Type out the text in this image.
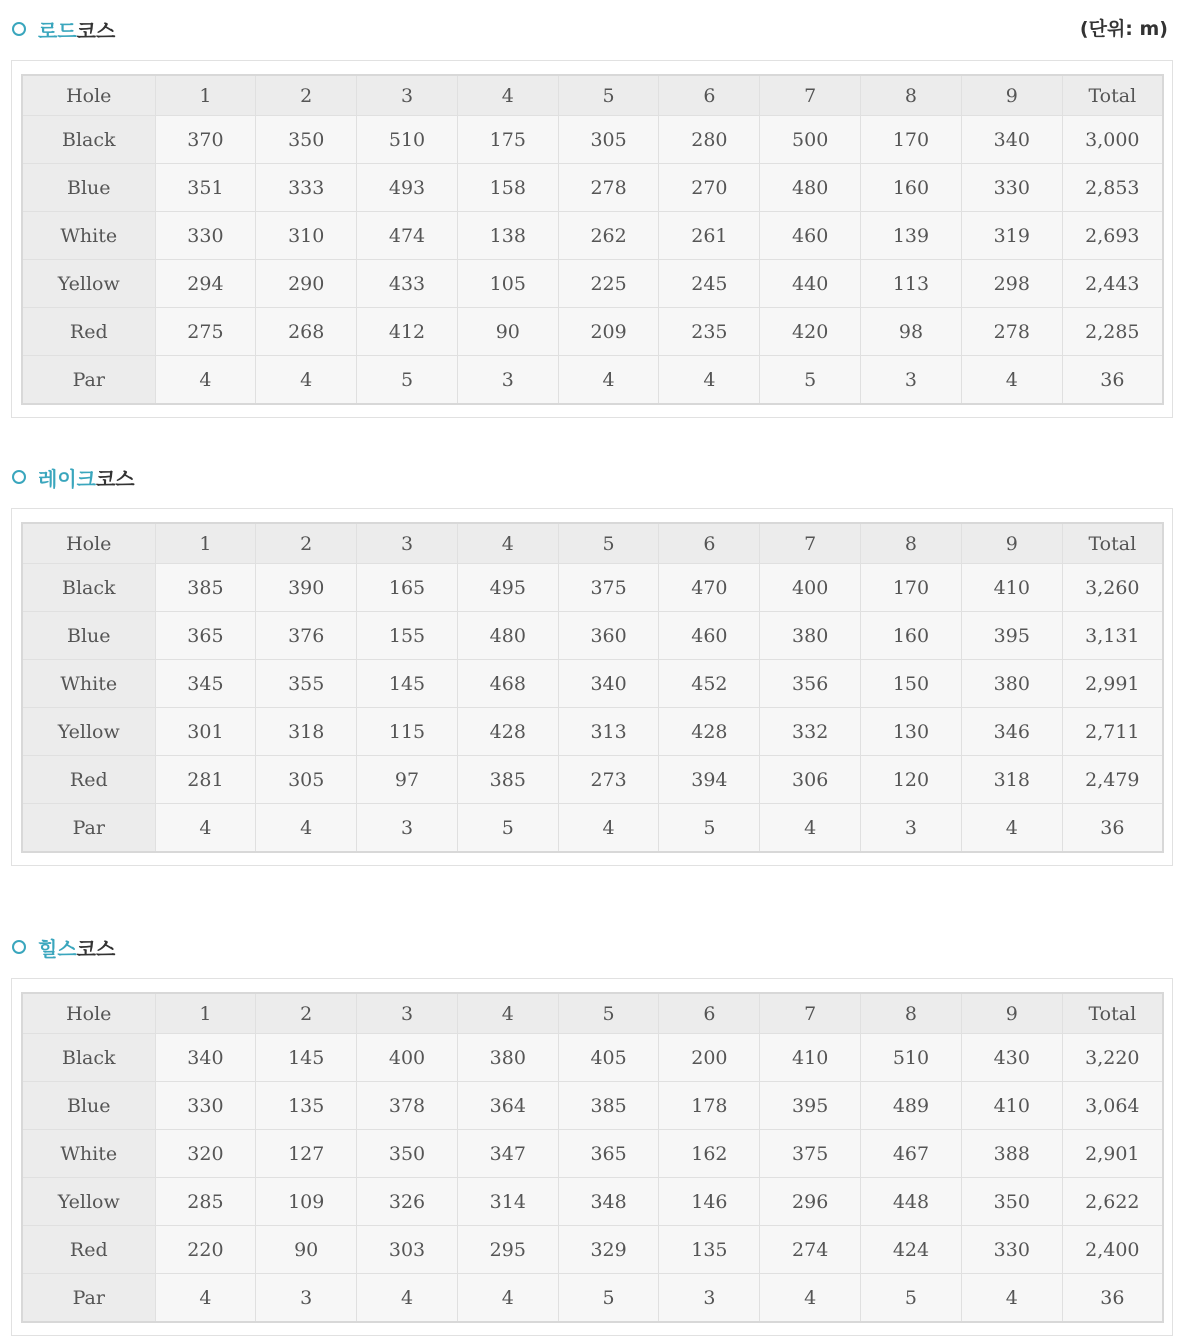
로드코스	(단위: m)
Hole	1	2	3	4	5	6	7	8	9	Total
Black	370	350	510	175	305	280	500	170	340	3,000
Blue	351	333	493	158	278	270	480	160	330	2,853
White	330	310	474	138	262	261	460	139	319	2,693
Yellow	294	290	433	105	225	245	440	113	298	2,443
Red	275	268	412	90	209	235	420	98	278	2,285
Par	4	4	5	3	4	4	5	3	4	36
레이크코스
Hole	1	2	3	4	5	6	7	8	9	Total
Black	385	390	165	495	375	470	400	170	410	3,260
Blue	365	376	155	480	360	460	380	160	395	3,131
White	345	355	145	468	340	452	356	150	380	2,991
Yellow	301	318	115	428	313	428	332	130	346	2,711
Red	281	305	97	385	273	394	306	120	318	2,479
Par	4	4	3	5	4	5	4	3	4	36
힐스코스
Hole	1	2	3	4	5	6	7	8	9	Total
Black	340	145	400	380	405	200	410	510	430	3,220
Blue	330	135	378	364	385	178	395	489	410	3,064
White	320	127	350	347	365	162	375	467	388	2,901
Yellow	285	109	326	314	348	146	296	448	350	2,622
Red	220	90	303	295	329	135	274	424	330	2,400
Par	4	3	4	4	5	3	4	5	4	36
